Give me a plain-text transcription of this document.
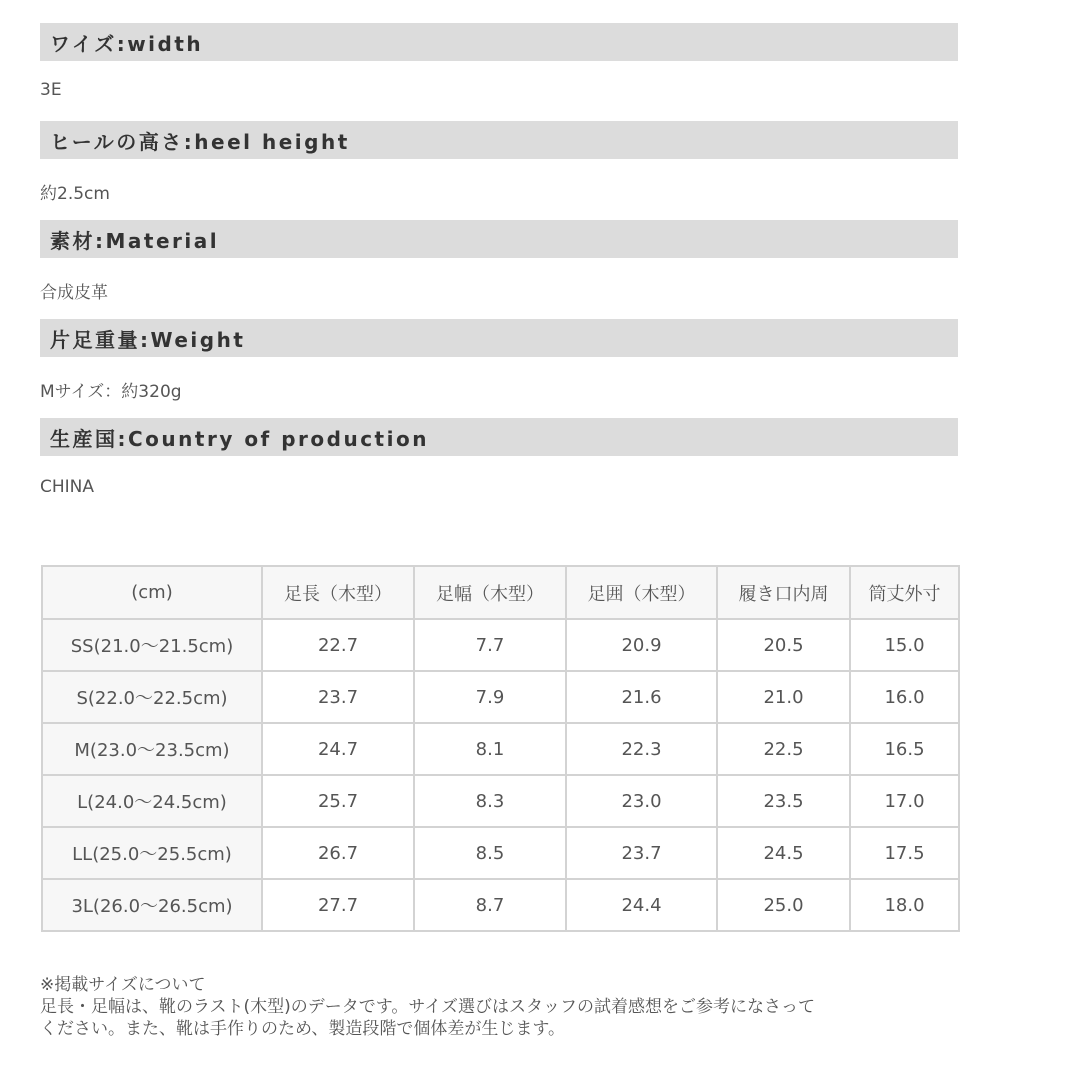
ワイズ:width
3E
ヒールの高さ:heel height
約2.5cm
素材:Material
合成皮革
片足重量:Weight
Mサイズ：約320g
生産国:Country of production
CHINA
(cm)	足長（木型）	足幅（木型）	足囲（木型）	履き口内周	筒丈外寸
SS(21.0～21.5cm)	22.7	7.7	20.9	20.5	15.0
S(22.0～22.5cm)	23.7	7.9	21.6	21.0	16.0
M(23.0～23.5cm)	24.7	8.1	22.3	22.5	16.5
L(24.0～24.5cm)	25.7	8.3	23.0	23.5	17.0
LL(25.0～25.5cm)	26.7	8.5	23.7	24.5	17.5
3L(26.0～26.5cm)	27.7	8.7	24.4	25.0	18.0
※掲載サイズについて
足長・足幅は、靴のラスト(木型)のデータです。サイズ選びはスタッフの試着感想をご参考になさって
ください。また、靴は手作りのため、製造段階で個体差が生じます。
